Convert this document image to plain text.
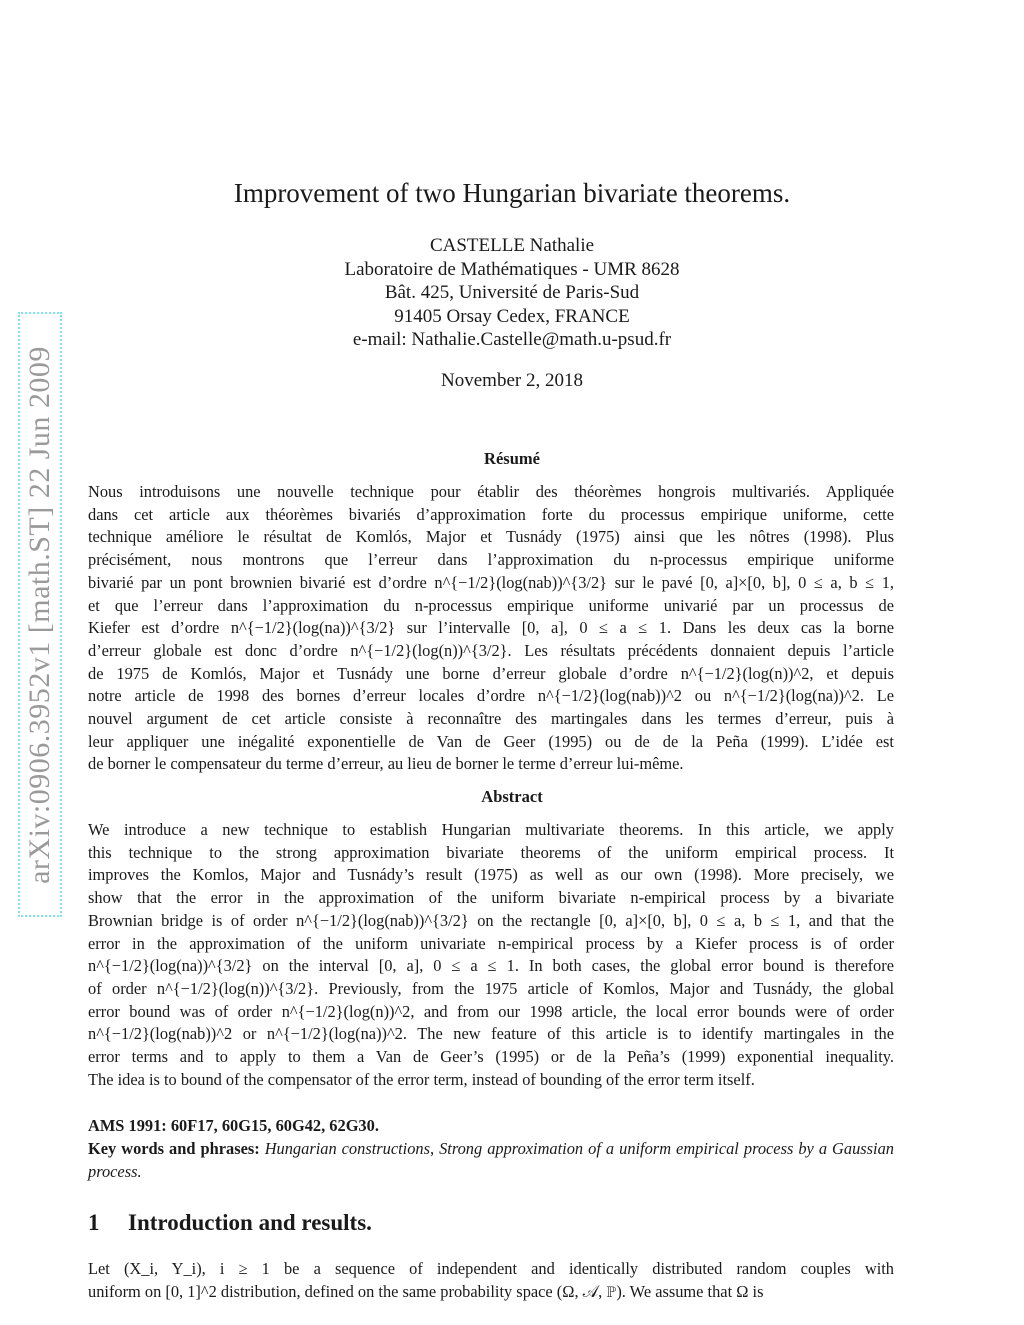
arXiv:0906.3952v1 [math.ST] 22 Jun 2009
Improvement of two Hungarian bivariate theorems.
CASTELLE Nathalie
Laboratoire de Mathématiques - UMR 8628
Bât. 425, Université de Paris-Sud
91405 Orsay Cedex, FRANCE
e-mail: Nathalie.Castelle@math.u-psud.fr
November 2, 2018
Résumé
Nous introduisons une nouvelle technique pour établir des théorèmes hongrois multivariés. Appliquée
dans cet article aux théorèmes bivariés d’approximation forte du processus empirique uniforme, cette
technique améliore le résultat de Komlós, Major et Tusnády (1975) ainsi que les nôtres (1998). Plus
précisément, nous montrons que l’erreur dans l’approximation du n-processus empirique uniforme
bivarié par un pont brownien bivarié est d’ordre n^{−1/2}(log(nab))^{3/2} sur le pavé [0, a]×[0, b], 0 ≤ a, b ≤ 1,
et que l’erreur dans l’approximation du n-processus empirique uniforme univarié par un processus de
Kiefer est d’ordre n^{−1/2}(log(na))^{3/2} sur l’intervalle [0, a], 0 ≤ a ≤ 1. Dans les deux cas la borne
d’erreur globale est donc d’ordre n^{−1/2}(log(n))^{3/2}. Les résultats précédents donnaient depuis l’article
de 1975 de Komlós, Major et Tusnády une borne d’erreur globale d’ordre n^{−1/2}(log(n))^2, et depuis
notre article de 1998 des bornes d’erreur locales d’ordre n^{−1/2}(log(nab))^2 ou n^{−1/2}(log(na))^2. Le
nouvel argument de cet article consiste à reconnaître des martingales dans les termes d’erreur, puis à
leur appliquer une inégalité exponentielle de Van de Geer (1995) ou de de la Peña (1999). L’idée est
de borner le compensateur du terme d’erreur, au lieu de borner le terme d’erreur lui-même.
Abstract
We introduce a new technique to establish Hungarian multivariate theorems. In this article, we apply
this technique to the strong approximation bivariate theorems of the uniform empirical process. It
improves the Komlos, Major and Tusnády’s result (1975) as well as our own (1998). More precisely, we
show that the error in the approximation of the uniform bivariate n-empirical process by a bivariate
Brownian bridge is of order n^{−1/2}(log(nab))^{3/2} on the rectangle [0, a]×[0, b], 0 ≤ a, b ≤ 1, and that the
error in the approximation of the uniform univariate n-empirical process by a Kiefer process is of order
n^{−1/2}(log(na))^{3/2} on the interval [0, a], 0 ≤ a ≤ 1. In both cases, the global error bound is therefore
of order n^{−1/2}(log(n))^{3/2}. Previously, from the 1975 article of Komlos, Major and Tusnády, the global
error bound was of order n^{−1/2}(log(n))^2, and from our 1998 article, the local error bounds were of order
n^{−1/2}(log(nab))^2 or n^{−1/2}(log(na))^2. The new feature of this article is to identify martingales in the
error terms and to apply to them a Van de Geer’s (1995) or de la Peña’s (1999) exponential inequality.
The idea is to bound of the compensator of the error term, instead of bounding of the error term itself.
AMS 1991: 60F17, 60G15, 60G42, 62G30.
Key words and phrases: Hungarian constructions, Strong approximation of a uniform empirical process by a Gaussian process.
1 Introduction and results.
Let (X_i, Y_i), i ≥ 1 be a sequence of independent and identically distributed random couples with
uniform on [0, 1]^2 distribution, defined on the same probability space (Ω, 𝒜, ℙ). We assume that Ω is
